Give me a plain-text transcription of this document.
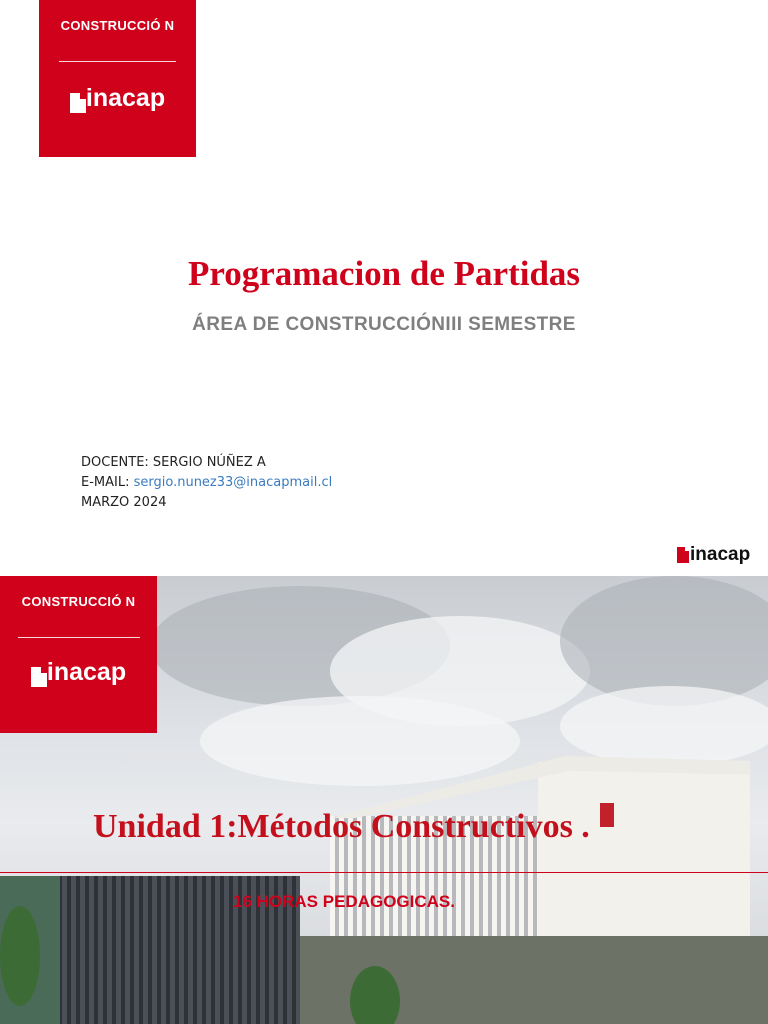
CONSTRUCCIÓ N
inacap
Programacion de Partidas
ÁREA DE CONSTRUCCIÓNIII SEMESTRE
DOCENTE: SERGIO NÚÑEZ A
E-MAIL: sergio.nunez33@inacapmail.cl
MARZO 2024
inacap
CONSTRUCCIÓ N
inacap
Unidad 1:Métodos Constructivos .
16 HORAS PEDAGOGICAS.
